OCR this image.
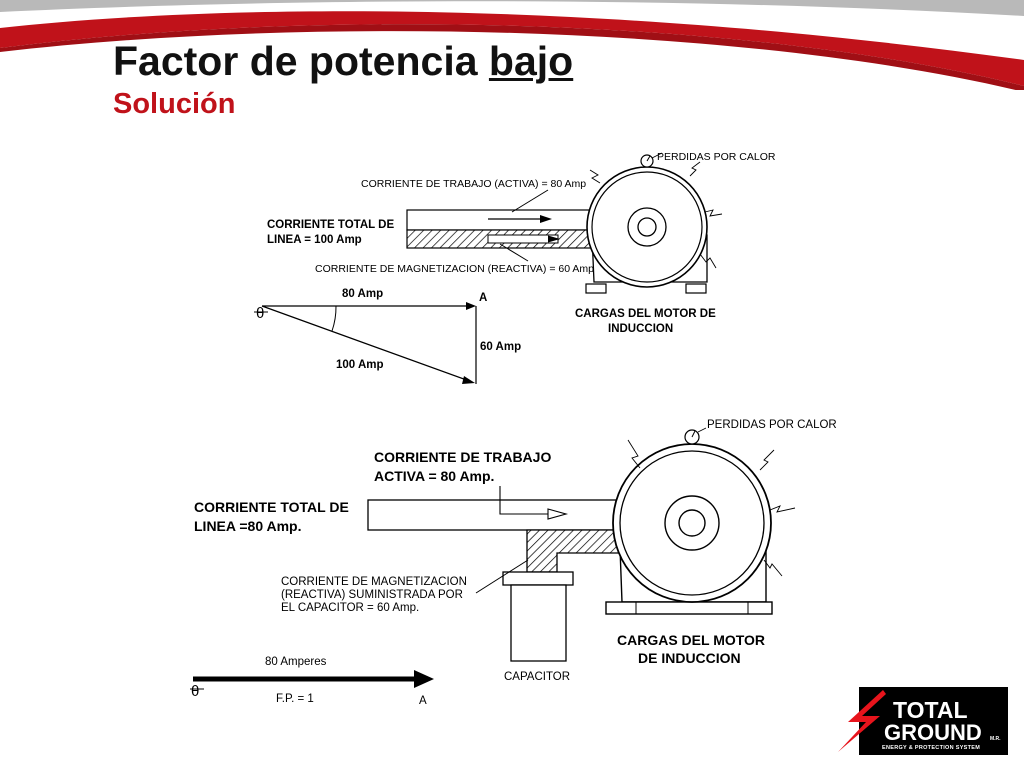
Factor de potencia bajo
Solución
PERDIDAS POR CALOR
CORRIENTE DE TRABAJO (ACTIVA) = 80 Amp
CORRIENTE TOTAL DE
LINEA = 100 Amp
CORRIENTE DE MAGNETIZACION (REACTIVA) = 60 Amp
CARGAS DEL MOTOR DE
INDUCCION
θ
80 Amp	A
60 Amp
100 Amp
PERDIDAS POR CALOR
CORRIENTE DE TRABAJO
ACTIVA = 80 Amp.
CORRIENTE TOTAL DE
LINEA =80 Amp.
CORRIENTE DE MAGNETIZACION
(REACTIVA) SUMINISTRADA POR
EL CAPACITOR = 60 Amp.
CARGAS DEL MOTOR
DE INDUCCION
CAPACITOR
θ
80 Amperes
F.P. = 1	A	TOTAL
GROUND M.R.
ENERGY & PROTECTION SYSTEM
